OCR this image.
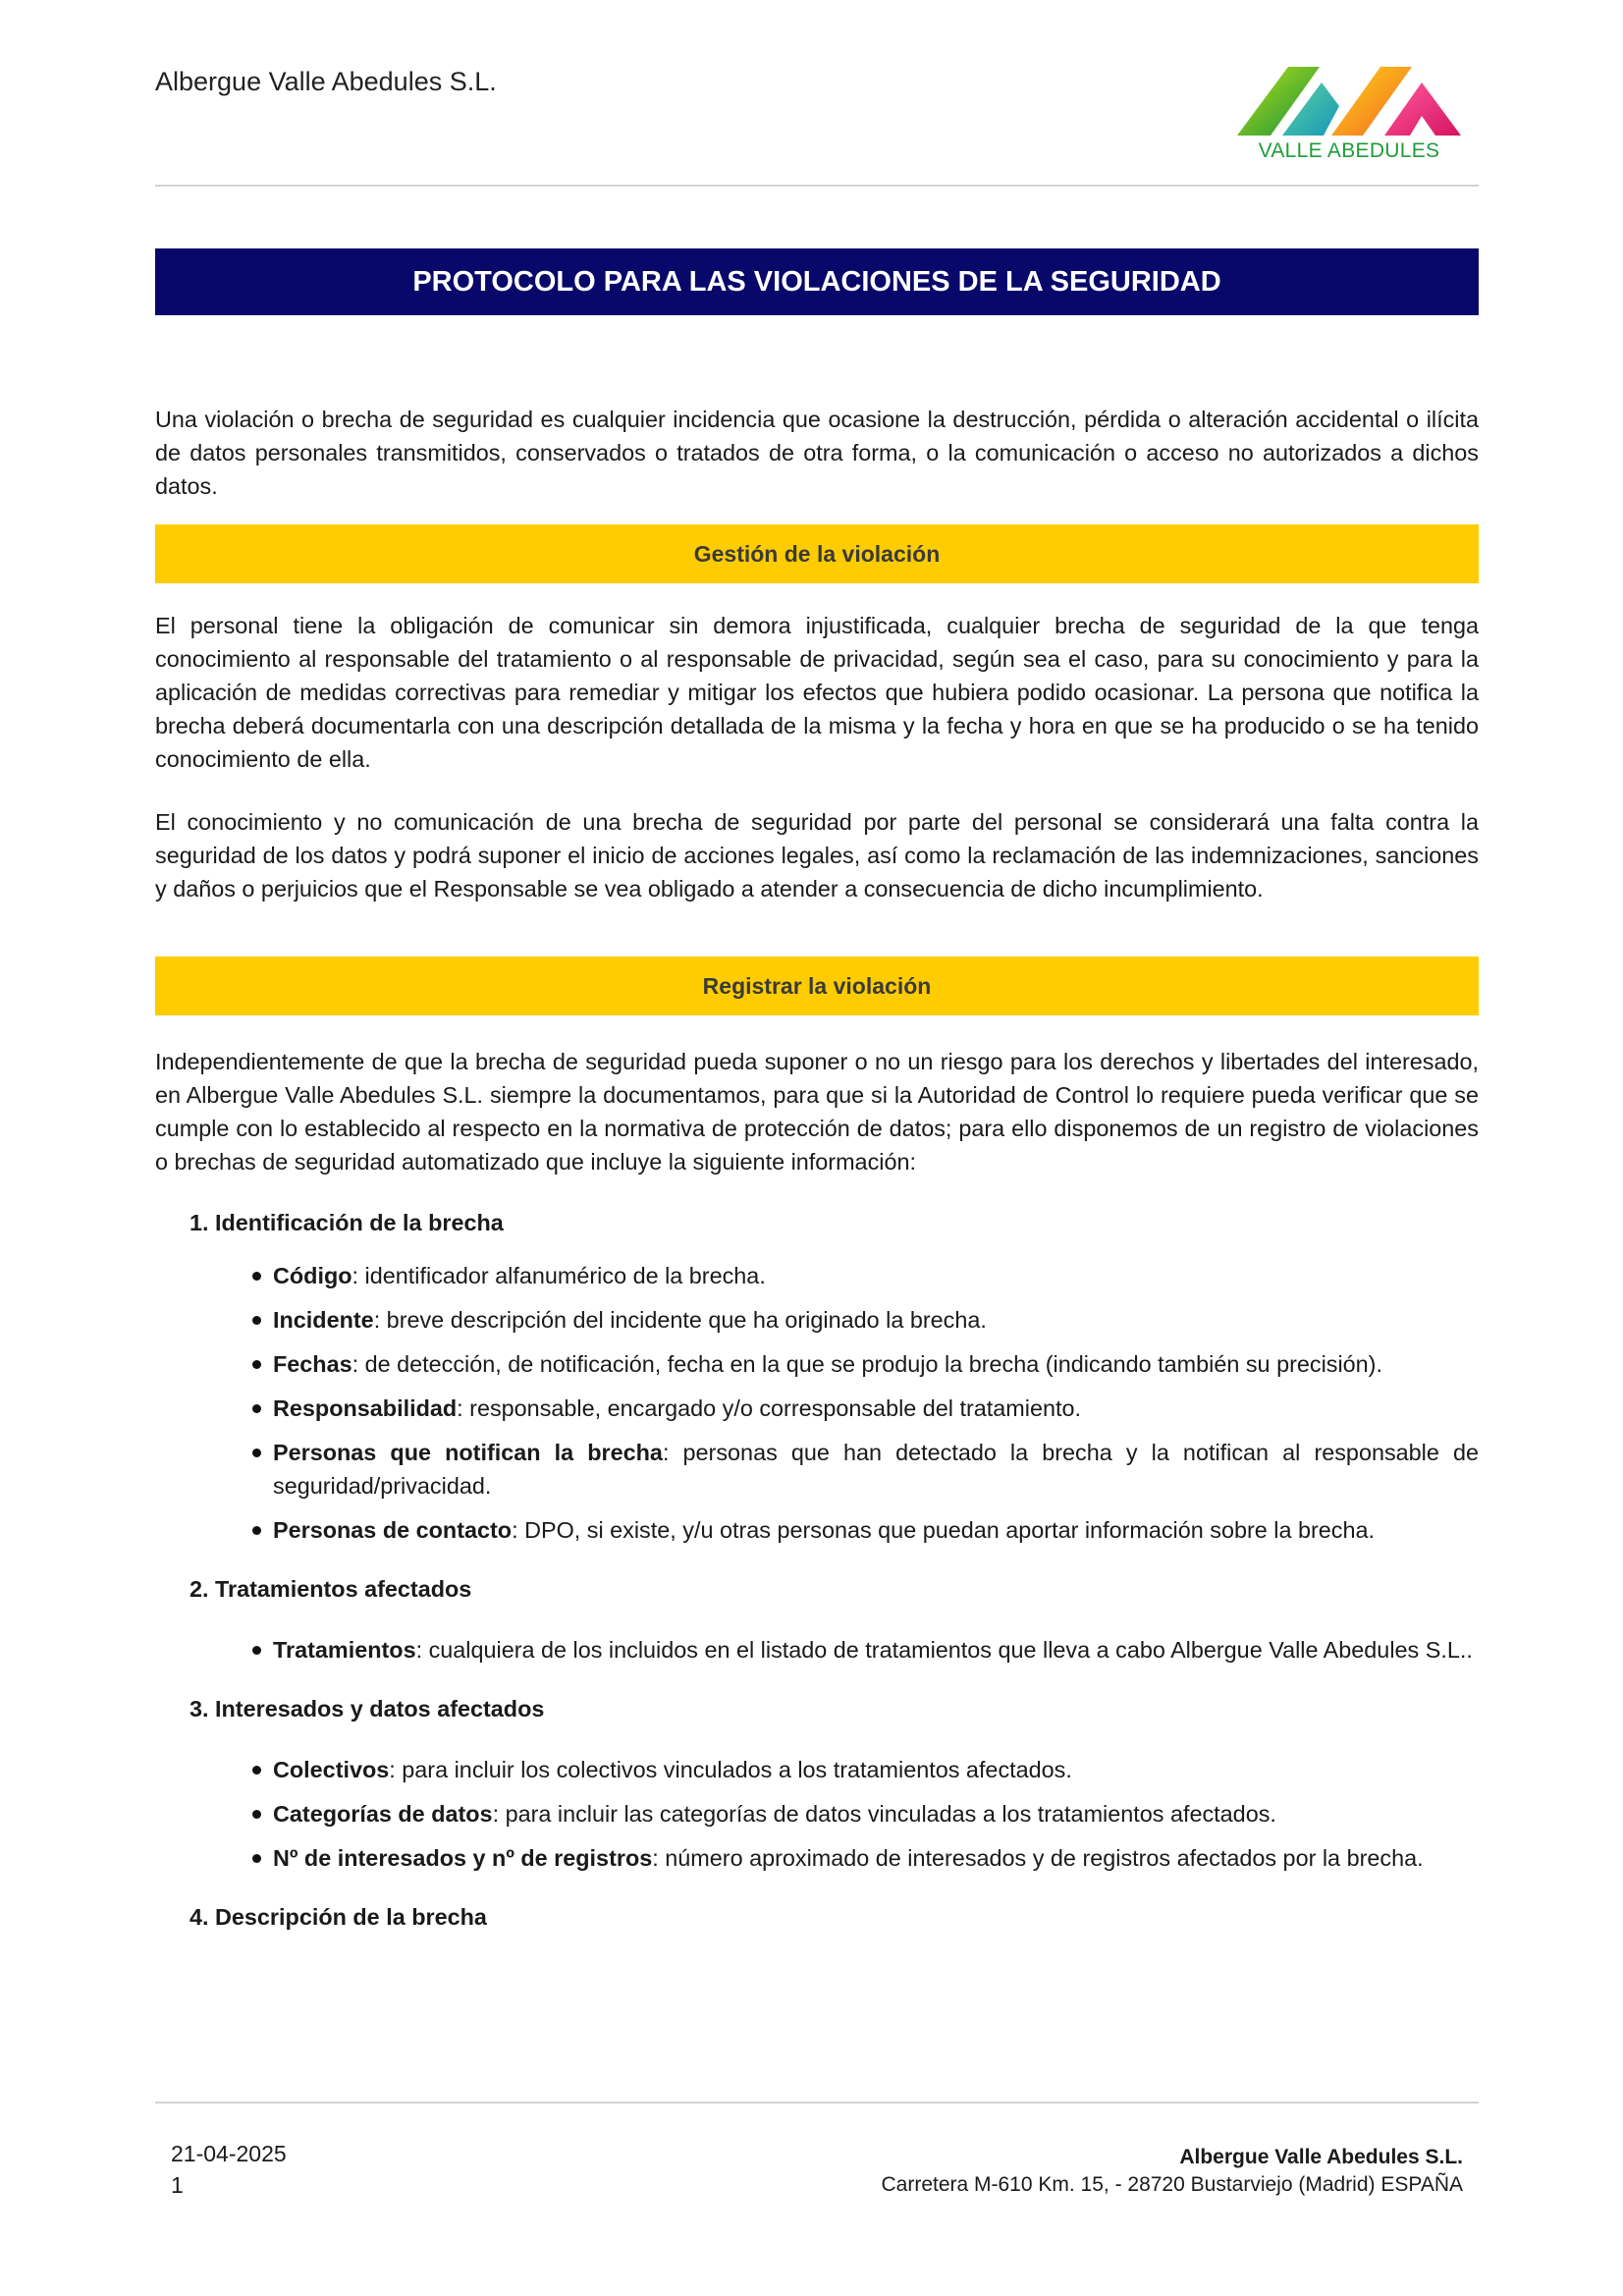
Albergue Valle Abedules S.L.
VALLE ABEDULES
PROTOCOLO PARA LAS VIOLACIONES DE LA SEGURIDAD

Una violación o brecha de seguridad es cualquier incidencia que ocasione la destrucción, pérdida o alteración accidental o ilícita de datos personales transmitidos, conservados o tratados de otra forma, o la comunicación o acceso no autorizados a dichos datos.

Gestión de la violación

El personal tiene la obligación de comunicar sin demora injustificada, cualquier brecha de seguridad de la que tenga conocimiento al responsable del tratamiento o al responsable de privacidad, según sea el caso, para su conocimiento y para la aplicación de medidas correctivas para remediar y mitigar los efectos que hubiera podido ocasionar. La persona que notifica la brecha deberá documentarla con una descripción detallada de la misma y la fecha y hora en que se ha producido o se ha tenido conocimiento de ella.

El conocimiento y no comunicación de una brecha de seguridad por parte del personal se considerará una falta contra la seguridad de los datos y podrá suponer el inicio de acciones legales, así como la reclamación de las indemnizaciones, sanciones y daños o perjuicios que el Responsable se vea obligado a atender a consecuencia de dicho incumplimiento.

Registrar la violación

Independientemente de que la brecha de seguridad pueda suponer o no un riesgo para los derechos y libertades del interesado, en Albergue Valle Abedules S.L. siempre la documentamos, para que si la Autoridad de Control lo requiere pueda verificar que se cumple con lo establecido al respecto en la normativa de protección de datos; para ello disponemos de un registro de violaciones o brechas de seguridad automatizado que incluye la siguiente información:

1. Identificación de la brecha

Código: identificador alfanumérico de la brecha.
Incidente: breve descripción del incidente que ha originado la brecha.
Fechas: de detección, de notificación, fecha en la que se produjo la brecha (indicando también su precisión).
Responsabilidad: responsable, encargado y/o corresponsable del tratamiento.
Personas que notifican la brecha: personas que han detectado la brecha y la notifican al responsable de seguridad/privacidad.
Personas de contacto: DPO, si existe, y/u otras personas que puedan aportar información sobre la brecha.

2. Tratamientos afectados

Tratamientos: cualquiera de los incluidos en el listado de tratamientos que lleva a cabo Albergue Valle Abedules S.L..

3. Interesados y datos afectados

Colectivos: para incluir los colectivos vinculados a los tratamientos afectados.
Categorías de datos: para incluir las categorías de datos vinculadas a los tratamientos afectados.
Nº de interesados y nº de registros: número aproximado de interesados y de registros afectados por la brecha.

4. Descripción de la brecha

21-04-2025
1
Albergue Valle Abedules S.L.
Carretera M-610 Km. 15, - 28720 Bustarviejo (Madrid) ESPAÑA
